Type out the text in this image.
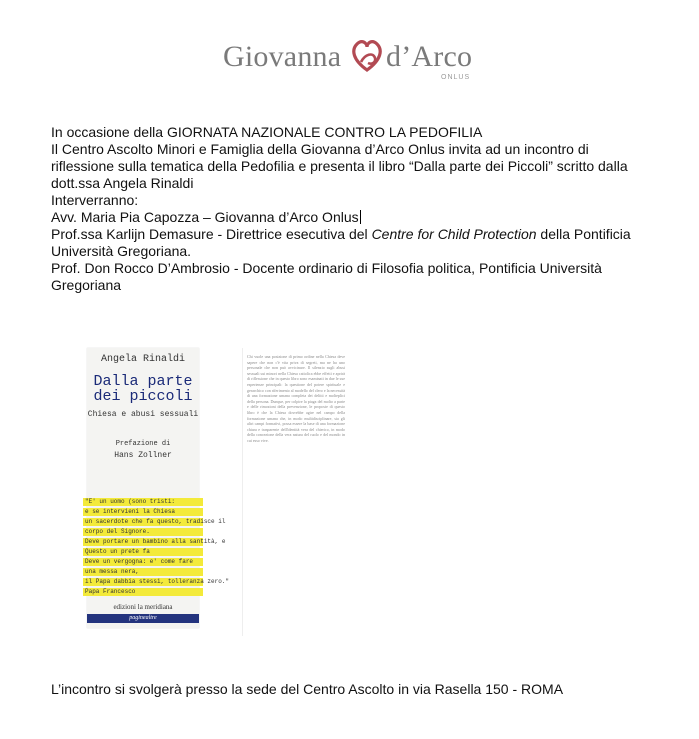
Giovanna d’Arco
ONLUS

In occasione della GIORNATA NAZIONALE CONTRO LA PEDOFILIA

Il Centro Ascolto Minori e Famiglia della Giovanna d’Arco Onlus invita ad un incontro di riflessione sulla tematica della Pedofilia e presenta il libro “Dalla parte dei Piccoli” scritto dalla dott.ssa Angela Rinaldi

Interverranno:

Avv. Maria Pia Capozza – Giovanna d’Arco Onlus

Prof.ssa Karlijn Demasure - Direttrice esecutiva del Centre for Child Protection della Pontificia Università Gregoriana.

Prof. Don Rocco D’Ambrosio - Docente ordinario di Filosofia politica, Pontificia Università Gregoriana

Angela Rinaldi
Dalla parte
dei piccoli
Chiesa e abusi sessuali
Prefazione di
Hans Zollner
"E' un uomo (sono tristi:
e se intervieni la Chiesa
un sacerdote che fa questo, tradisce il
corpo del Signore.
Deve portare un bambino alla santità, e
Questo un prete fa
Deve un vergogna: e' come fare
una messa nera,
il Papa dabbia stessi, tolleranza zero."
Papa Francesco
edizioni la meridiana
paginealtre
Chi vuole una posizione di primo ordine nella Chiesa deve sapere che non c'è vita priva di segreti, ma ne ha uno personale che non può avvicinare. Il silenzio sugli abusi sessuali sui minori nella Chiesa cattolica ebbe effetti e aprirà di riflessione che in questo libro sono esaminati in due le sue esperienze principali: la questione del potere spirituale e gerarchico con riferimento al modello del clero e la necessità di una formazione umana completa dei delitti e molteplici della persona. Dunque, per colpire la piaga del molto a parte e delle rimozioni della prevenzione, le proposte di questo libro è che la Chiesa dovrebbe agire nel campo della formazione umana che, in modo multidisciplinare, sia gli altri campi formativi, possa essere la base di una formazione chiara e trasparente dell'identità vera del chierico, in modo della concezione della vera natura del ruolo e del mondo in cui esso vive.
L’incontro si svolgerà presso la sede del Centro Ascolto in via Rasella 150 - ROMA
